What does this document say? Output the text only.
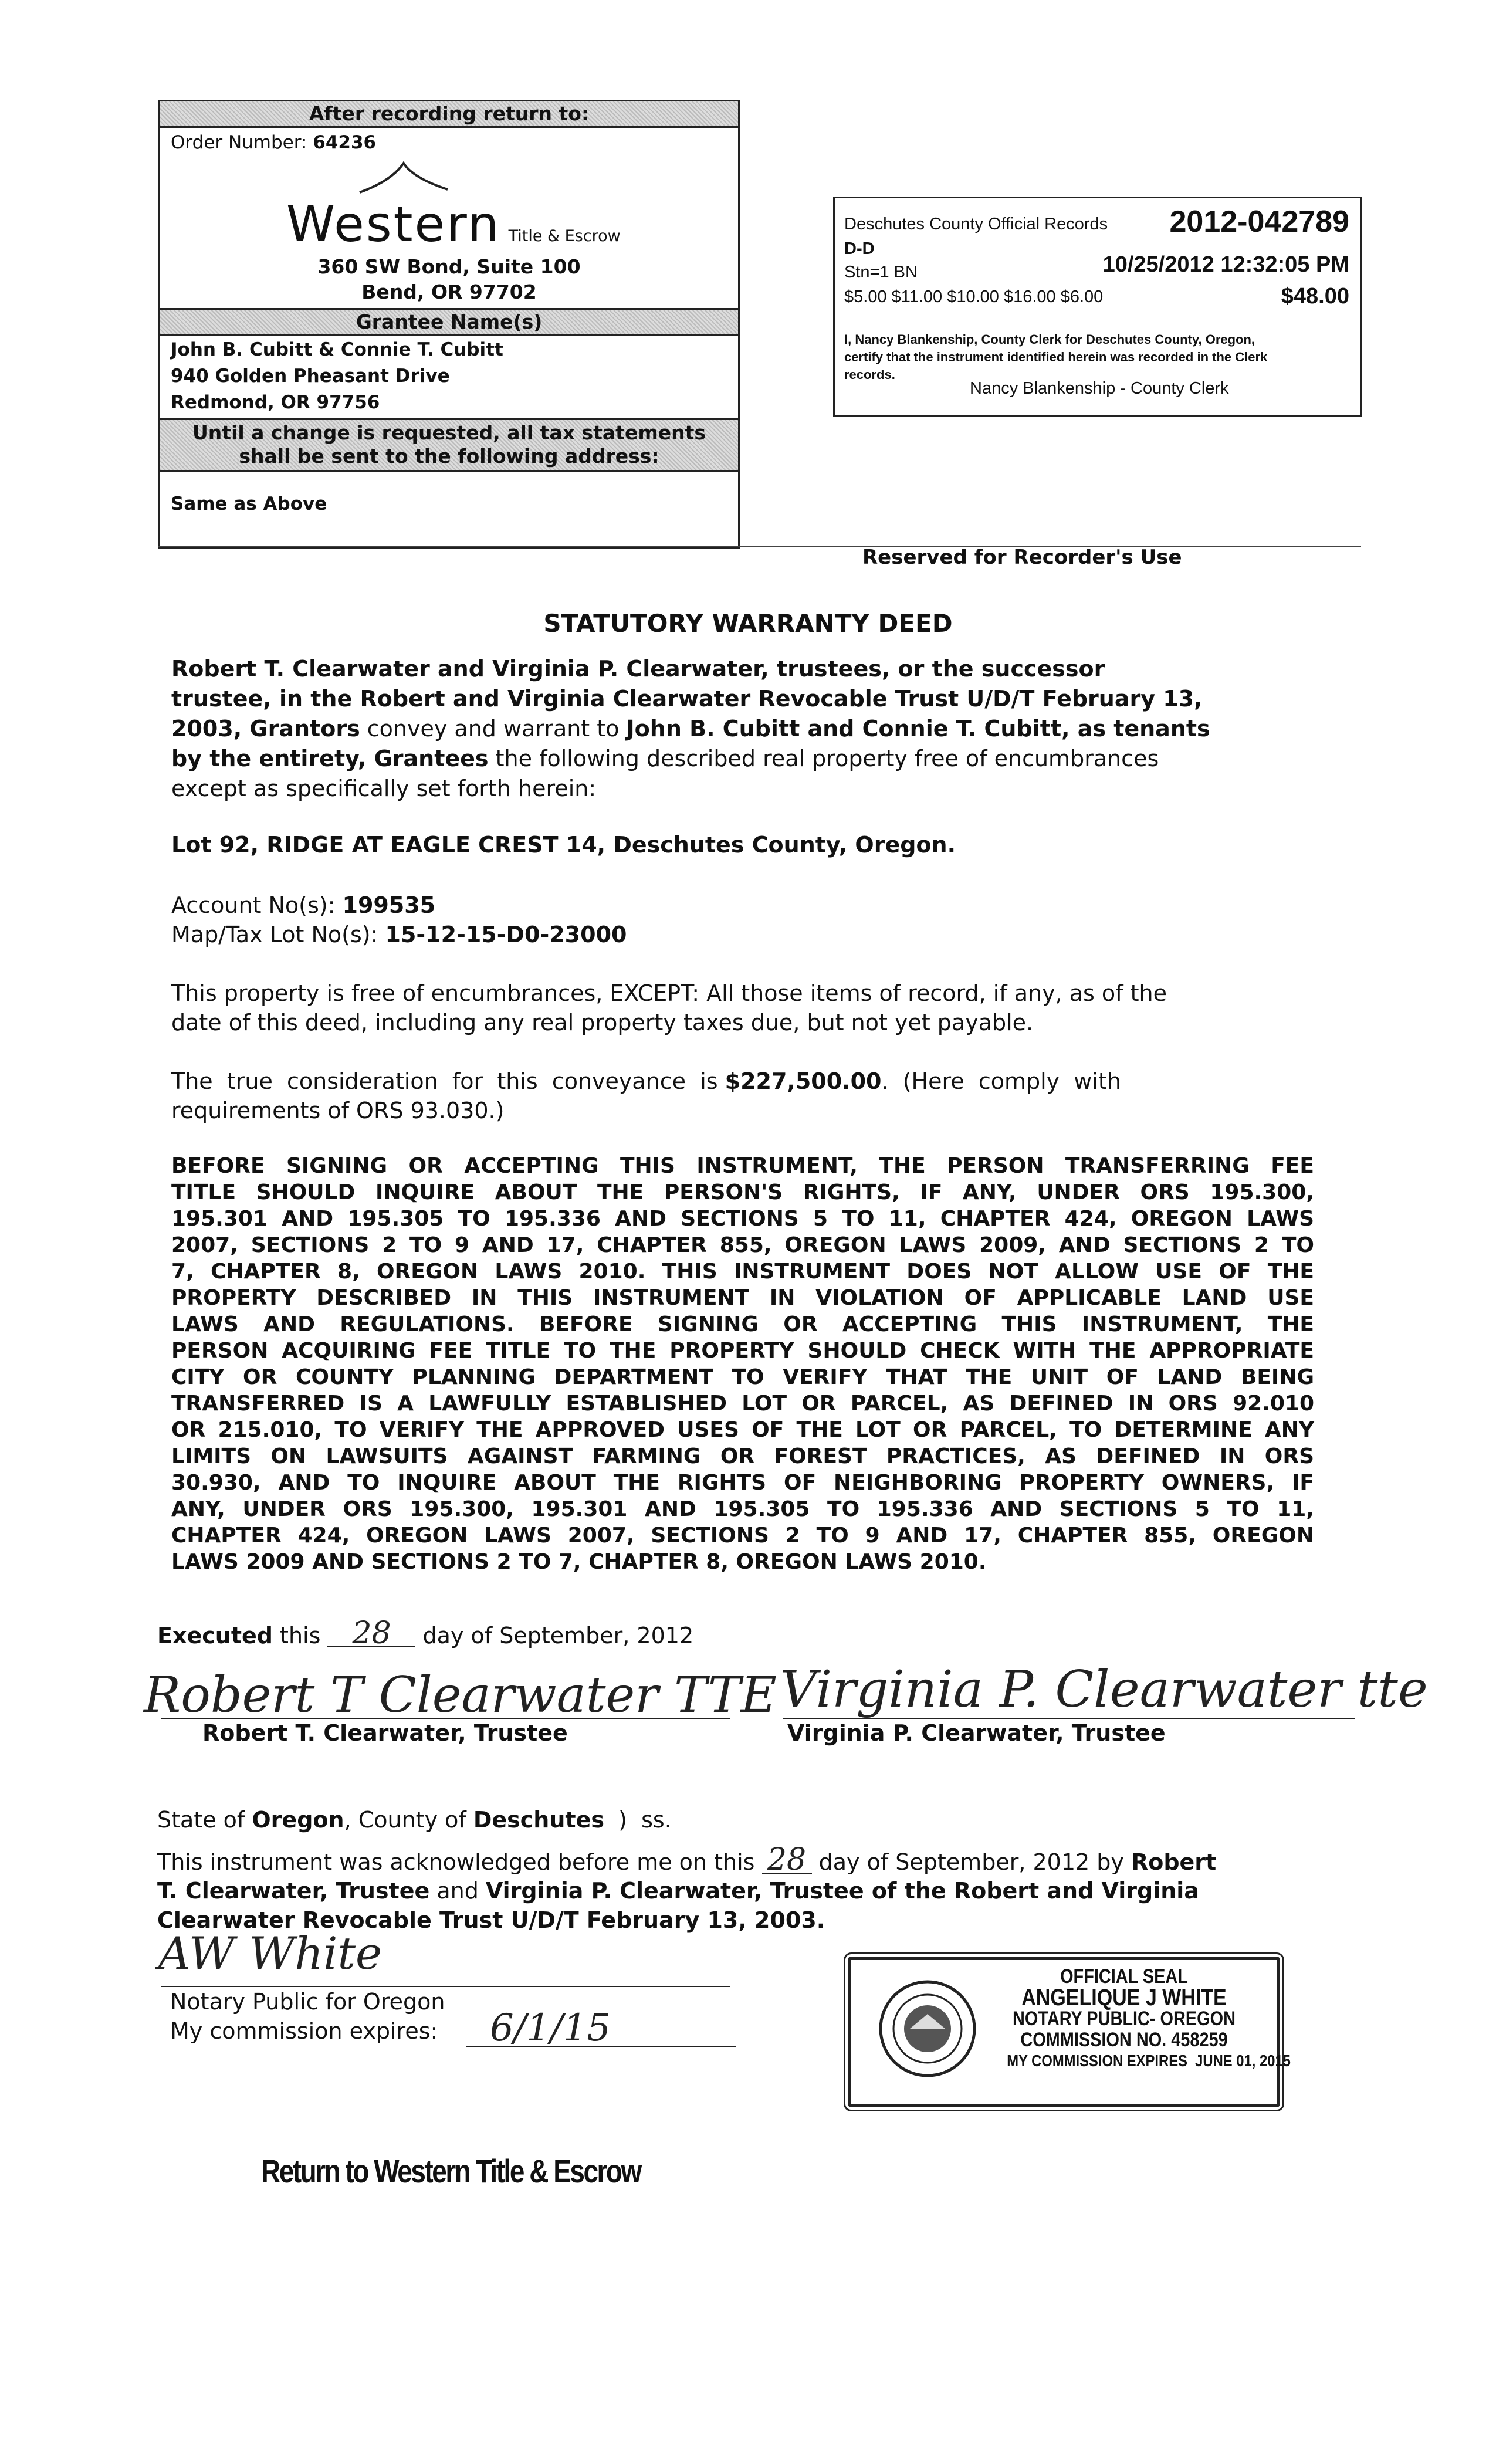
After recording return to:
Order Number: 64236
Western Title & Escrow
360 SW Bond, Suite 100
Bend, OR 97702
Grantee Name(s)
John B. Cubitt & Connie T. Cubitt
940 Golden Pheasant Drive
Redmond, OR 97756
Until a change is requested, all tax statements
shall be sent to the following address:
Same as Above
Deschutes County Official Records 2012-042789
D-D
Stn=1 BN	10/25/2012 12:32:05 PM
$5.00 $11.00 $10.00 $16.00 $6.00	$48.00
I, Nancy Blankenship, County Clerk for Deschutes County, Oregon,
certify that the instrument identified herein was recorded in the Clerk
records.
Nancy Blankenship - County Clerk
Reserved for Recorder's Use
STATUTORY WARRANTY DEED
Robert T. Clearwater and Virginia P. Clearwater, trustees, or the successor
trustee, in the Robert and Virginia Clearwater Revocable Trust U/D/T February 13,
2003, Grantors convey and warrant to John B. Cubitt and Connie T. Cubitt, as tenants
by the entirety, Grantees the following described real property free of encumbrances
except as specifically set forth herein:
Lot 92, RIDGE AT EAGLE CREST 14, Deschutes County, Oregon.
Account No(s): 199535
Map/Tax Lot No(s): 15-12-15-D0-23000
This property is free of encumbrances, EXCEPT: All those items of record, if any, as of the
date of this deed, including any real property taxes due, but not yet payable.
The  true  consideration  for  this  conveyance  is $227,500.00.  (Here  comply  with
requirements of ORS 93.030.)
BEFORE SIGNING OR ACCEPTING THIS INSTRUMENT, THE PERSON TRANSFERRING FEE
TITLE SHOULD INQUIRE ABOUT THE PERSON'S RIGHTS, IF ANY, UNDER ORS 195.300,
195.301 AND 195.305 TO 195.336 AND SECTIONS 5 TO 11, CHAPTER 424, OREGON LAWS
2007, SECTIONS 2 TO 9 AND 17, CHAPTER 855, OREGON LAWS 2009, AND SECTIONS 2 TO
7, CHAPTER 8, OREGON LAWS 2010. THIS INSTRUMENT DOES NOT ALLOW USE OF THE
PROPERTY DESCRIBED IN THIS INSTRUMENT IN VIOLATION OF APPLICABLE LAND USE
LAWS AND REGULATIONS. BEFORE SIGNING OR ACCEPTING THIS INSTRUMENT, THE
PERSON ACQUIRING FEE TITLE TO THE PROPERTY SHOULD CHECK WITH THE APPROPRIATE
CITY OR COUNTY PLANNING DEPARTMENT TO VERIFY THAT THE UNIT OF LAND BEING
TRANSFERRED IS A LAWFULLY ESTABLISHED LOT OR PARCEL, AS DEFINED IN ORS 92.010
OR 215.010, TO VERIFY THE APPROVED USES OF THE LOT OR PARCEL, TO DETERMINE ANY
LIMITS ON LAWSUITS AGAINST FARMING OR FOREST PRACTICES, AS DEFINED IN ORS
30.930, AND TO INQUIRE ABOUT THE RIGHTS OF NEIGHBORING PROPERTY OWNERS, IF
ANY, UNDER ORS 195.300, 195.301 AND 195.305 TO 195.336 AND SECTIONS 5 TO 11,
CHAPTER 424, OREGON LAWS 2007, SECTIONS 2 TO 9 AND 17, CHAPTER 855, OREGON
LAWS 2009 AND SECTIONS 2 TO 7, CHAPTER 8, OREGON LAWS 2010.
Executed this 28 day of September, 2012
Robert T Clearwater TTE Virginia P. Clearwater tte
Robert T. Clearwater, Trustee	Virginia P. Clearwater, Trustee
State of Oregon, County of Deschutes  )  ss.
This instrument was acknowledged before me on this 28 day of September, 2012 by Robert
T. Clearwater, Trustee and Virginia P. Clearwater, Trustee of the Robert and Virginia
Clearwater Revocable Trust U/D/T February 13, 2003.
AW White
Notary Public for Oregon
My commission expires: 6/1/15
OFFICIAL SEAL
ANGELIQUE J WHITE
NOTARY PUBLIC- OREGON
COMMISSION NO. 458259
MY COMMISSION EXPIRES JUNE 01, 2015
Return to Western Title & Escrow
